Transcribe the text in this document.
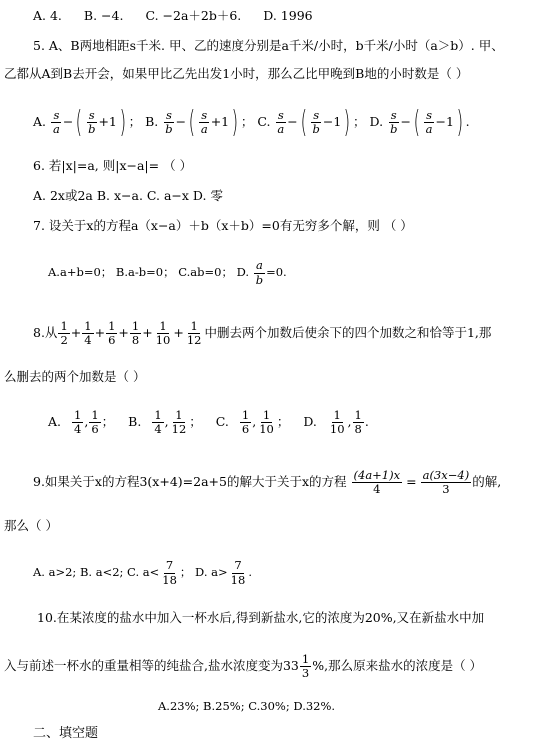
A. 4. B. −4. C. −2a＋2b＋6. D. 1996
5. A、B两地相距s千米. 甲、乙的速度分别是a千米/小时，b千米/小时（a＞b）. 甲、
乙都从A到B去开会，如果甲比乙先出发1小时，那么乙比甲晚到B地的小时数是（ ）
A. $\frac{s}{a}$ −( $\frac{s}{b} +1$) ； B. $\frac{s}{b}$ −( $\frac{s}{a} +1$) ； C. $\frac{s}{a}$ −( $\frac{s}{b} -1$) ； D. $\frac{s}{b}$ −( $\frac{s}{a} -1$) .
6. 若|x|=a, 则|x−a|= （ ）
A. 2x或2a B. x−a. C. a−x D. 零
7. 设关于x的方程a（x−a）＋b（x＋b）=0有无穷多个解，则 （ ）
A.a+b=0； B.a-b=0； C.ab=0； D. $\frac{a}{b} =0$.
8.从 $\frac{1}{2} + \frac{1}{4} + \frac{1}{6} + \frac{1}{8} + \frac{1}{10} + \frac{1}{12}$ 中删去两个加数后使余下的四个加数之和恰等于1,那
么删去的两个加数是（ ）
A. $\frac{1}{4}$ , $\frac{1}{6}$ ； B. $\frac{1}{4}$ , $\frac{1}{12}$ ； C. $\frac{1}{6}$ , $\frac{1}{10}$ ； D. $\frac{1}{10}$ , $\frac{1}{8}$ .
9.如果关于x的方程3(x+4)=2a+5的解大于关于x的方程 $\frac{(4a+1)x}{4} = \frac{a(3x-4)}{3}$ 的解,
那么（ ）
A. a>2; B. a<2; C. $a< \frac{7}{18}$ ； D. $a> \frac{7}{18}$ .
10.在某浓度的盐水中加入一杯水后,得到新盐水,它的浓度为20%,又在新盐水中加
入与前述一杯水的重量相等的纯盐合,盐水浓度变为$33 \frac{1}{3}$ %,那么原来盐水的浓度是（ ）
A.23%; B.25%; C.30%; D.32%.
二、填空题
